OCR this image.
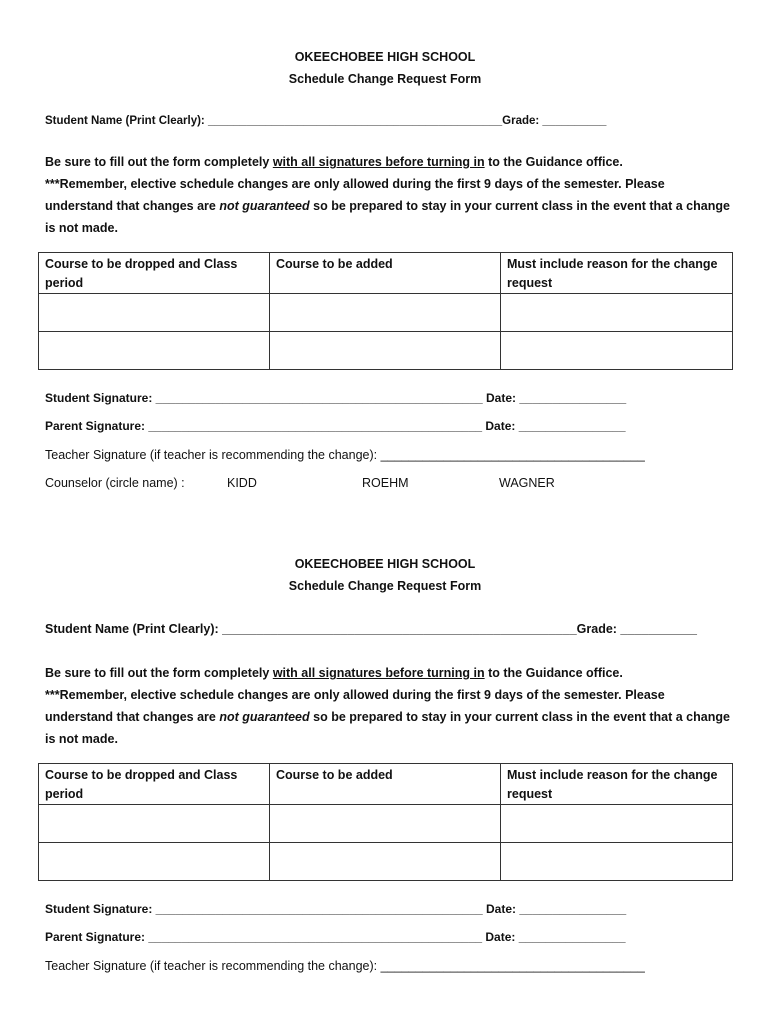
OKEECHOBEE HIGH SCHOOL
Schedule Change Request Form
Student Name (Print Clearly): ______________________________________________Grade: __________
Be sure to fill out the form completely with all signatures before turning in to the Guidance office.
***Remember, elective schedule changes are only allowed during the first 9 days of the semester. Please understand that changes are not guaranteed so be prepared to stay in your current class in the event that a change is not made.
Course to be dropped and Class period	Course to be added	Must include reason for the change request

Student Signature: _________________________________________________ Date: ________________
Parent Signature: __________________________________________________ Date: ________________
Teacher Signature (if teacher is recommending the change): ______________________________________
Counselor (circle name) :	KIDD	ROEHM	WAGNER
OKEECHOBEE HIGH SCHOOL
Schedule Change Request Form
Student Name (Print Clearly): ___________________________________________________Grade: ___________
Be sure to fill out the form completely with all signatures before turning in to the Guidance office.
***Remember, elective schedule changes are only allowed during the first 9 days of the semester. Please understand that changes are not guaranteed so be prepared to stay in your current class in the event that a change is not made.
Course to be dropped and Class period	Course to be added	Must include reason for the change request

Student Signature: _________________________________________________ Date: ________________
Parent Signature: __________________________________________________ Date: ________________
Teacher Signature (if teacher is recommending the change): ______________________________________
